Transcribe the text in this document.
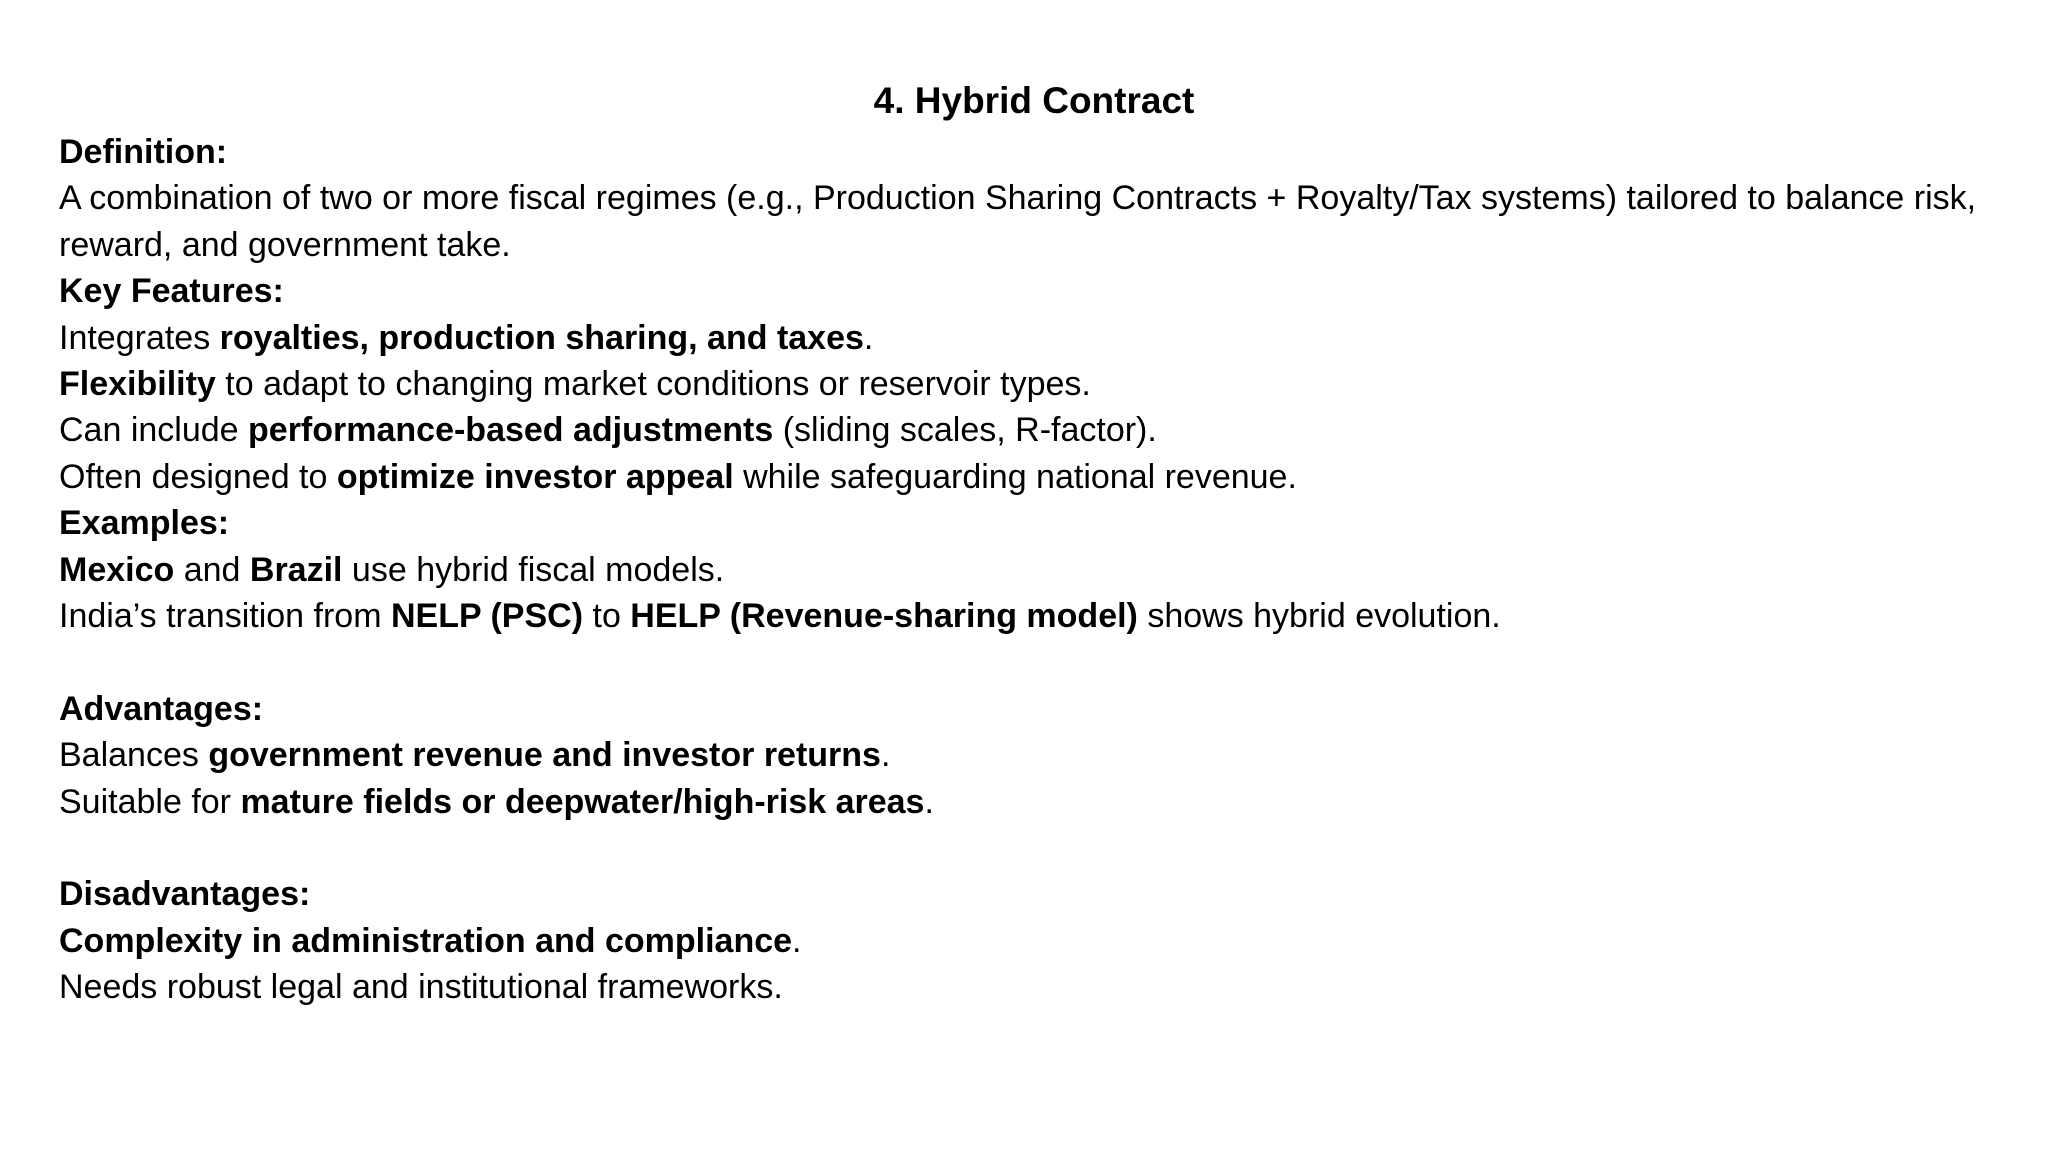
4. Hybrid Contract
Definition:
A combination of two or more fiscal regimes (e.g., Production Sharing Contracts + Royalty/Tax systems) tailored to balance risk, reward, and government take.
Key Features:
Integrates royalties, production sharing, and taxes.
Flexibility to adapt to changing market conditions or reservoir types.
Can include performance-based adjustments (sliding scales, R-factor).
Often designed to optimize investor appeal while safeguarding national revenue.
Examples:
Mexico and Brazil use hybrid fiscal models.
India’s transition from NELP (PSC) to HELP (Revenue-sharing model) shows hybrid evolution.
Advantages:
Balances government revenue and investor returns.
Suitable for mature fields or deepwater/high-risk areas.
Disadvantages:
Complexity in administration and compliance.
Needs robust legal and institutional frameworks.
